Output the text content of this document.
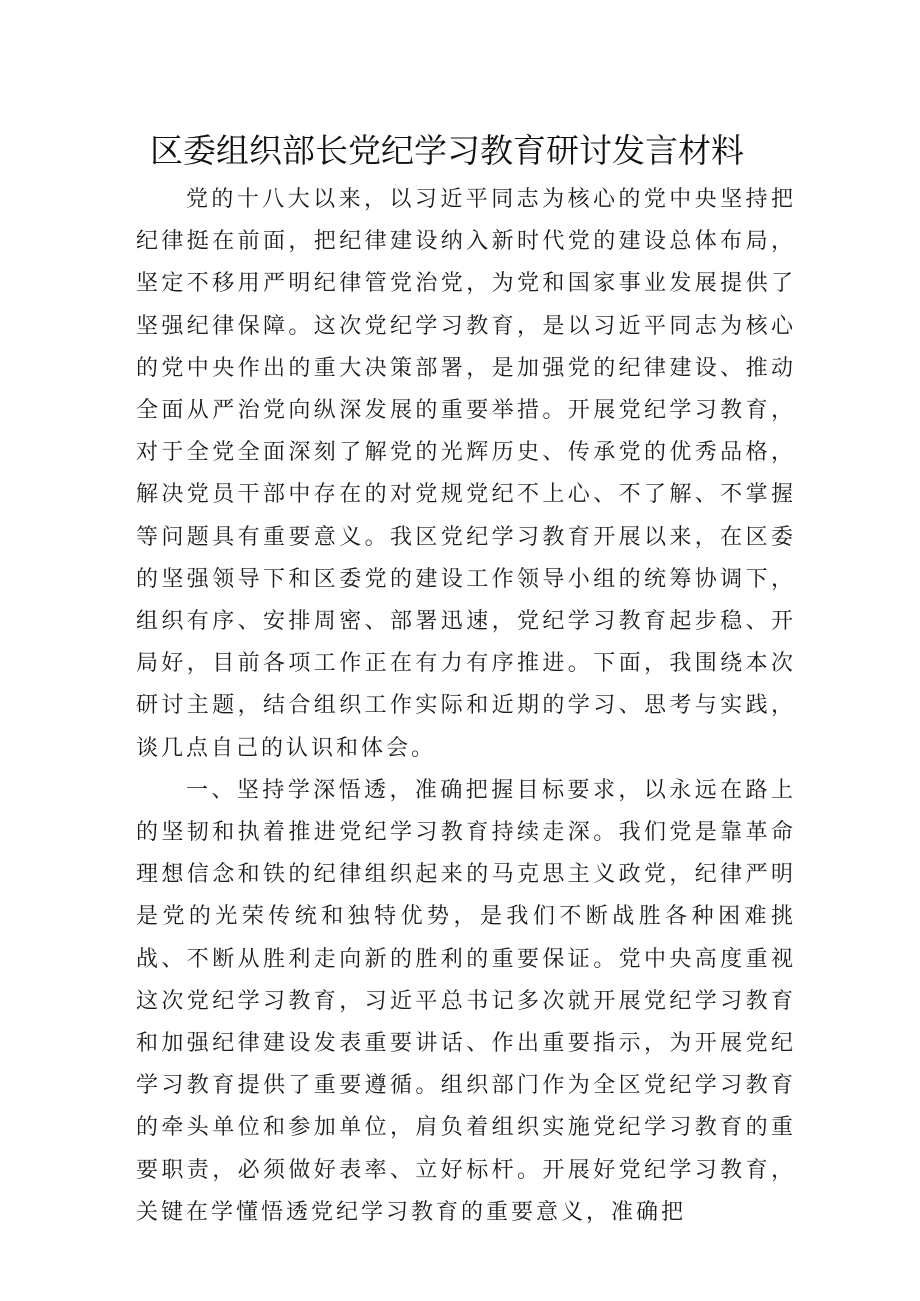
区委组织部长党纪学习教育研讨发言材料

党的十八大以来，以习近平同志为核心的党中央坚持把纪律挺在前面，把纪律建设纳入新时代党的建设总体布局，坚定不移用严明纪律管党治党，为党和国家事业发展提供了坚强纪律保障。这次党纪学习教育，是以习近平同志为核心的党中央作出的重大决策部署，是加强党的纪律建设、推动全面从严治党向纵深发展的重要举措。开展党纪学习教育，对于全党全面深刻了解党的光辉历史、传承党的优秀品格，解决党员干部中存在的对党规党纪不上心、不了解、不掌握等问题具有重要意义。我区党纪学习教育开展以来，在区委的坚强领导下和区委党的建设工作领导小组的统筹协调下，组织有序、安排周密、部署迅速，党纪学习教育起步稳、开局好，目前各项工作正在有力有序推进。下面，我围绕本次研讨主题，结合组织工作实际和近期的学习、思考与实践，谈几点自己的认识和体会。

一、坚持学深悟透，准确把握目标要求，以永远在路上的坚韧和执着推进党纪学习教育持续走深。我们党是靠革命理想信念和铁的纪律组织起来的马克思主义政党，纪律严明是党的光荣传统和独特优势，是我们不断战胜各种困难挑战、不断从胜利走向新的胜利的重要保证。党中央高度重视这次党纪学习教育，习近平总书记多次就开展党纪学习教育和加强纪律建设发表重要讲话、作出重要指示，为开展党纪学习教育提供了重要遵循。组织部门作为全区党纪学习教育的牵头单位和参加单位，肩负着组织实施党纪学习教育的重要职责，必须做好表率、立好标杆。开展好党纪学习教育，关键在学懂悟透党纪学习教育的重要意义，准确把
